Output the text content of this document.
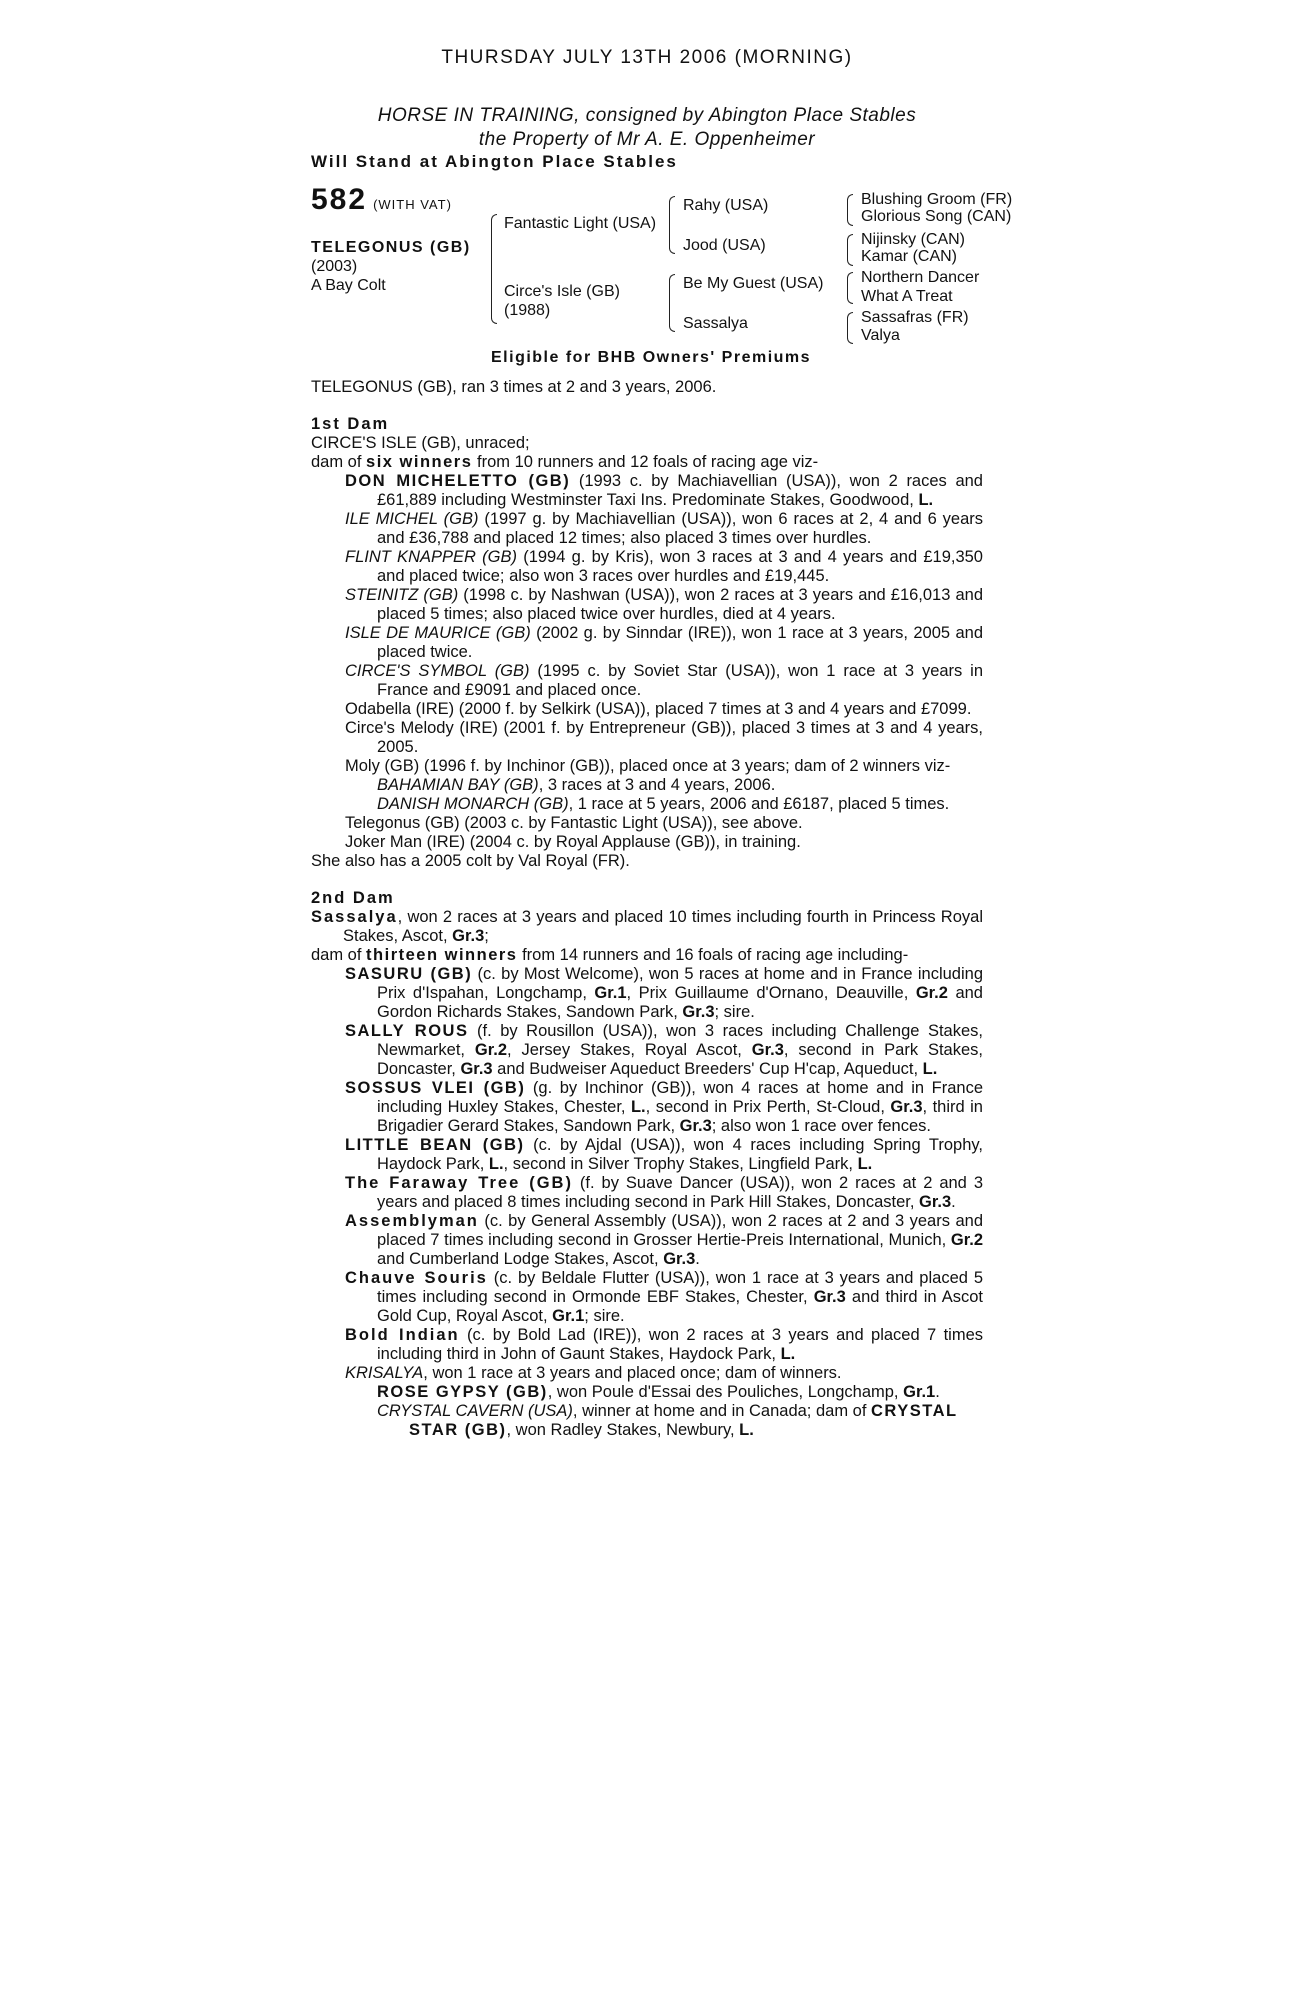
THURSDAY JULY 13TH 2006 (MORNING)
HORSE IN TRAINING, consigned by Abington Place Stables
the Property of Mr A. E. Oppenheimer
Will Stand at Abington Place Stables
582 (WITH VAT)
TELEGONUS (GB)
(2003)
A Bay Colt
Fantastic Light (USA)
Circe's Isle (GB)
(1988)
Rahy (USA)
Jood (USA)
Be My Guest (USA)
Sassalya
Blushing Groom (FR)
Glorious Song (CAN)
Nijinsky (CAN)
Kamar (CAN)
Northern Dancer
What A Treat
Sassafras (FR)
Valya
Eligible for BHB Owners' Premiums

TELEGONUS (GB), ran 3 times at 2 and 3 years, 2006.

1st Dam

CIRCE'S ISLE (GB), unraced;

dam of six winners from 10 runners and 12 foals of racing age viz-

DON MICHELETTO (GB) (1993 c. by Machiavellian (USA)), won 2 races and £61,889 including Westminster Taxi Ins. Predominate Stakes, Goodwood, L.

ILE MICHEL (GB) (1997 g. by Machiavellian (USA)), won 6 races at 2, 4 and 6 years and £36,788 and placed 12 times; also placed 3 times over hurdles.

FLINT KNAPPER (GB) (1994 g. by Kris), won 3 races at 3 and 4 years and £19,350 and placed twice; also won 3 races over hurdles and £19,445.

STEINITZ (GB) (1998 c. by Nashwan (USA)), won 2 races at 3 years and £16,013 and placed 5 times; also placed twice over hurdles, died at 4 years.

ISLE DE MAURICE (GB) (2002 g. by Sinndar (IRE)), won 1 race at 3 years, 2005 and placed twice.

CIRCE'S SYMBOL (GB) (1995 c. by Soviet Star (USA)), won 1 race at 3 years in France and £9091 and placed once.

Odabella (IRE) (2000 f. by Selkirk (USA)), placed 7 times at 3 and 4 years and £7099.

Circe's Melody (IRE) (2001 f. by Entrepreneur (GB)), placed 3 times at 3 and 4 years, 2005.

Moly (GB) (1996 f. by Inchinor (GB)), placed once at 3 years; dam of 2 winners viz-

BAHAMIAN BAY (GB), 3 races at 3 and 4 years, 2006.

DANISH MONARCH (GB), 1 race at 5 years, 2006 and £6187, placed 5 times.

Telegonus (GB) (2003 c. by Fantastic Light (USA)), see above.

Joker Man (IRE) (2004 c. by Royal Applause (GB)), in training.

She also has a 2005 colt by Val Royal (FR).

2nd Dam

Sassalya, won 2 races at 3 years and placed 10 times including fourth in Princess Royal Stakes, Ascot, Gr.3;

dam of thirteen winners from 14 runners and 16 foals of racing age including-

SASURU (GB) (c. by Most Welcome), won 5 races at home and in France including Prix d'Ispahan, Longchamp, Gr.1, Prix Guillaume d'Ornano, Deauville, Gr.2 and Gordon Richards Stakes, Sandown Park, Gr.3; sire.

SALLY ROUS (f. by Rousillon (USA)), won 3 races including Challenge Stakes, Newmarket, Gr.2, Jersey Stakes, Royal Ascot, Gr.3, second in Park Stakes, Doncaster, Gr.3 and Budweiser Aqueduct Breeders' Cup H'cap, Aqueduct, L.

SOSSUS VLEI (GB) (g. by Inchinor (GB)), won 4 races at home and in France including Huxley Stakes, Chester, L., second in Prix Perth, St-Cloud, Gr.3, third in Brigadier Gerard Stakes, Sandown Park, Gr.3; also won 1 race over fences.

LITTLE BEAN (GB) (c. by Ajdal (USA)), won 4 races including Spring Trophy, Haydock Park, L., second in Silver Trophy Stakes, Lingfield Park, L.

The Faraway Tree (GB) (f. by Suave Dancer (USA)), won 2 races at 2 and 3 years and placed 8 times including second in Park Hill Stakes, Doncaster, Gr.3.

Assemblyman (c. by General Assembly (USA)), won 2 races at 2 and 3 years and placed 7 times including second in Grosser Hertie-Preis International, Munich, Gr.2 and Cumberland Lodge Stakes, Ascot, Gr.3.

Chauve Souris (c. by Beldale Flutter (USA)), won 1 race at 3 years and placed 5 times including second in Ormonde EBF Stakes, Chester, Gr.3 and third in Ascot Gold Cup, Royal Ascot, Gr.1; sire.

Bold Indian (c. by Bold Lad (IRE)), won 2 races at 3 years and placed 7 times including third in John of Gaunt Stakes, Haydock Park, L.

KRISALYA, won 1 race at 3 years and placed once; dam of winners.

ROSE GYPSY (GB), won Poule d'Essai des Pouliches, Longchamp, Gr.1.

CRYSTAL CAVERN (USA), winner at home and in Canada; dam of CRYSTAL STAR (GB), won Radley Stakes, Newbury, L.
